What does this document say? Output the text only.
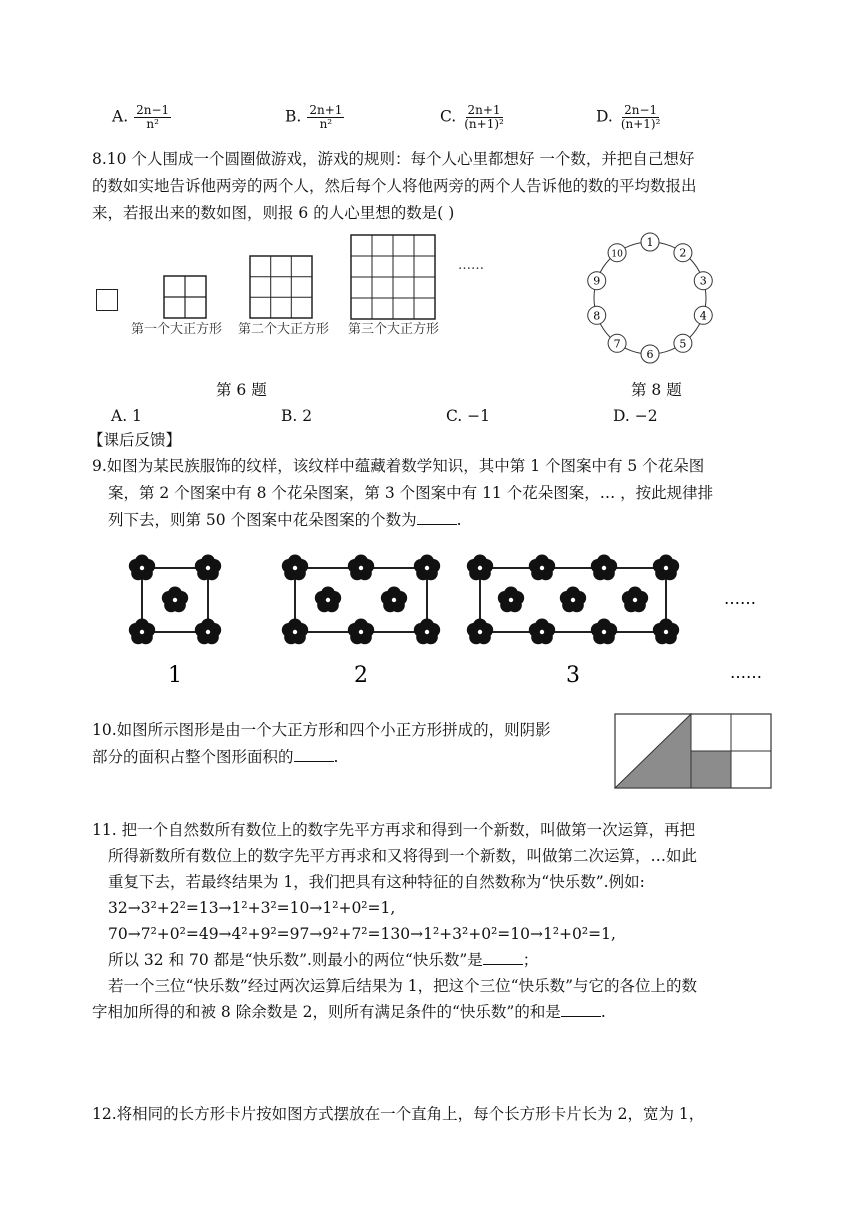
A. $\frac{2n-1}{\text{n²}}$	B. $\frac{2n+1}{\text{n²}}$	C. $\frac{2n+1}{\text{(n+1)²}}$	D. $\frac{2n-1}{\text{(n+1)²}}$
8.10 个人围成一个圆圈做游戏，游戏的规则：每个人心里都想好 一个数，并把自己想好
的数如实地告诉他两旁的两个人，然后每个人将他两旁的两个人告诉他的数的平均数报出
来，若报出来的数如图，则报 6 的人心里想的数是( )
……
第一个大正方形 第二个大正方形 第三个大正方形
第 6 题
1
2
3
4
5
6
7
8
9
10
第 8 题
A. 1	B. 2	C. −1	D. −2
【课后反馈】
9.如图为某民族服饰的纹样，该纹样中蕴藏着数学知识，其中第 1 个图案中有 5 个花朵图
案，第 2 个图案中有 8 个花朵图案，第 3 个图案中有 11 个花朵图案，… ，按此规律排
列下去，则第 50 个图案中花朵图案的个数为	.
1	2	3
……
……
10.如图所示图形是由一个大正方形和四个小正方形拼成的，则阴影
部分的面积占整个图形面积的	.
11. 把一个自然数所有数位上的数字先平方再求和得到一个新数，叫做第一次运算，再把
所得新数所有数位上的数字先平方再求和又将得到一个新数，叫做第二次运算，…如此
重复下去，若最终结果为 1，我们把具有这种特征的自然数称为“快乐数”.例如:
32→3²+2²=13→1²+3²=10→1²+0²=1,
70→7²+0²=49→4²+9²=97→9²+7²=130→1²+3²+0²=10→1²+0²=1,
所以 32 和 70 都是“快乐数”.则最小的两位“快乐数”是	；
若一个三位“快乐数”经过两次运算后结果为 1，把这个三位“快乐数”与它的各位上的数
字相加所得的和被 8 除余数是 2，则所有满足条件的“快乐数”的和是	.
12.将相同的长方形卡片按如图方式摆放在一个直角上，每个长方形卡片长为 2，宽为 1，
